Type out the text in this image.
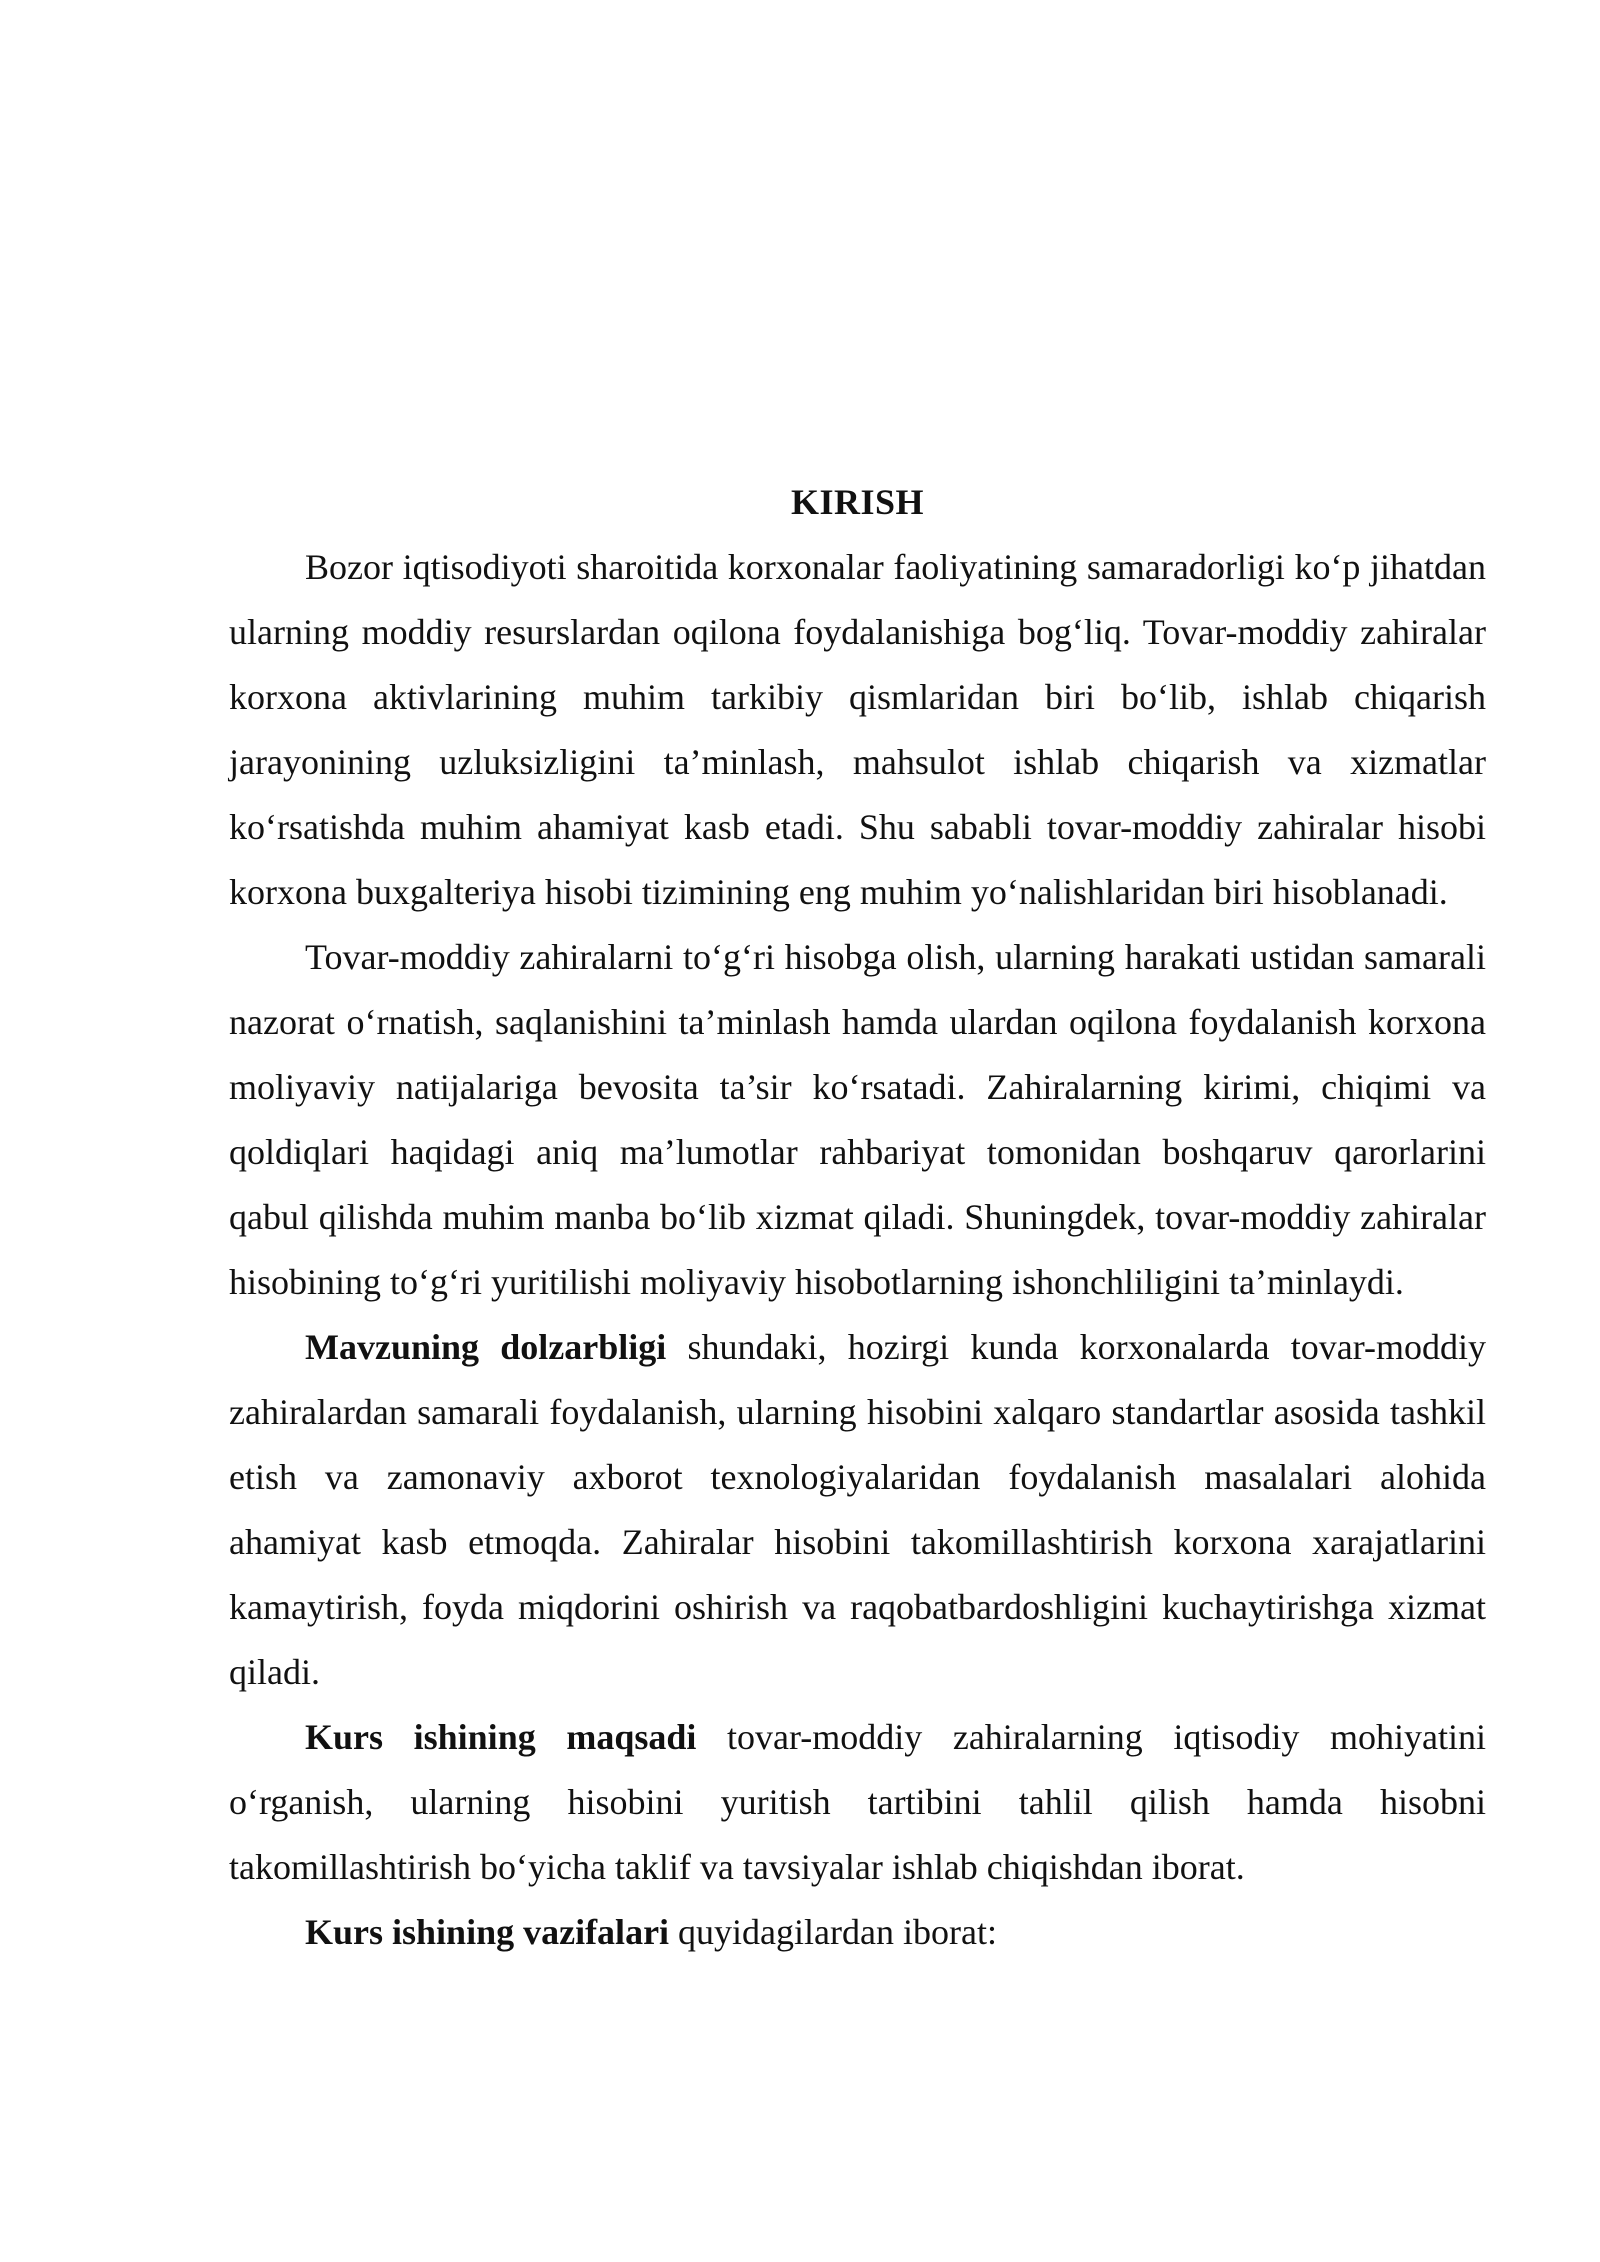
KIRISH

Bozor iqtisodiyoti sharoitida korxonalar faoliyatining samaradorligi ko‘p jihatdan ularning moddiy resurslardan oqilona foydalanishiga bog‘liq. Tovar-moddiy zahiralar korxona aktivlarining muhim tarkibiy qismlaridan biri bo‘lib, ishlab chiqarish jarayonining uzluksizligini ta’minlash, mahsulot ishlab chiqarish va xizmatlar ko‘rsatishda muhim ahamiyat kasb etadi. Shu sababli tovar-moddiy zahiralar hisobi korxona buxgalteriya hisobi tizimining eng muhim yo‘nalishlaridan biri hisoblanadi.

Tovar-moddiy zahiralarni to‘g‘ri hisobga olish, ularning harakati ustidan samarali nazorat o‘rnatish, saqlanishini ta’minlash hamda ulardan oqilona foydalanish korxona moliyaviy natijalariga bevosita ta’sir ko‘rsatadi. Zahiralarning kirimi, chiqimi va qoldiqlari haqidagi aniq ma’lumotlar rahbariyat tomonidan boshqaruv qarorlarini qabul qilishda muhim manba bo‘lib xizmat qiladi. Shuningdek, tovar-moddiy zahiralar hisobining to‘g‘ri yuritilishi moliyaviy hisobotlarning ishonchliligini ta’minlaydi.

Mavzuning dolzarbligi shundaki, hozirgi kunda korxonalarda tovar-moddiy zahiralardan samarali foydalanish, ularning hisobini xalqaro standartlar asosida tashkil etish va zamonaviy axborot texnologiyalaridan foydalanish masalalari alohida ahamiyat kasb etmoqda. Zahiralar hisobini takomillashtirish korxona xarajatlarini kamaytirish, foyda miqdorini oshirish va raqobatbardoshligini kuchaytirishga xizmat qiladi.

Kurs ishining maqsadi tovar-moddiy zahiralarning iqtisodiy mohiyatini o‘rganish, ularning hisobini yuritish tartibini tahlil qilish hamda hisobni takomillashtirish bo‘yicha taklif va tavsiyalar ishlab chiqishdan iborat.

Kurs ishining vazifalari quyidagilardan iborat:
